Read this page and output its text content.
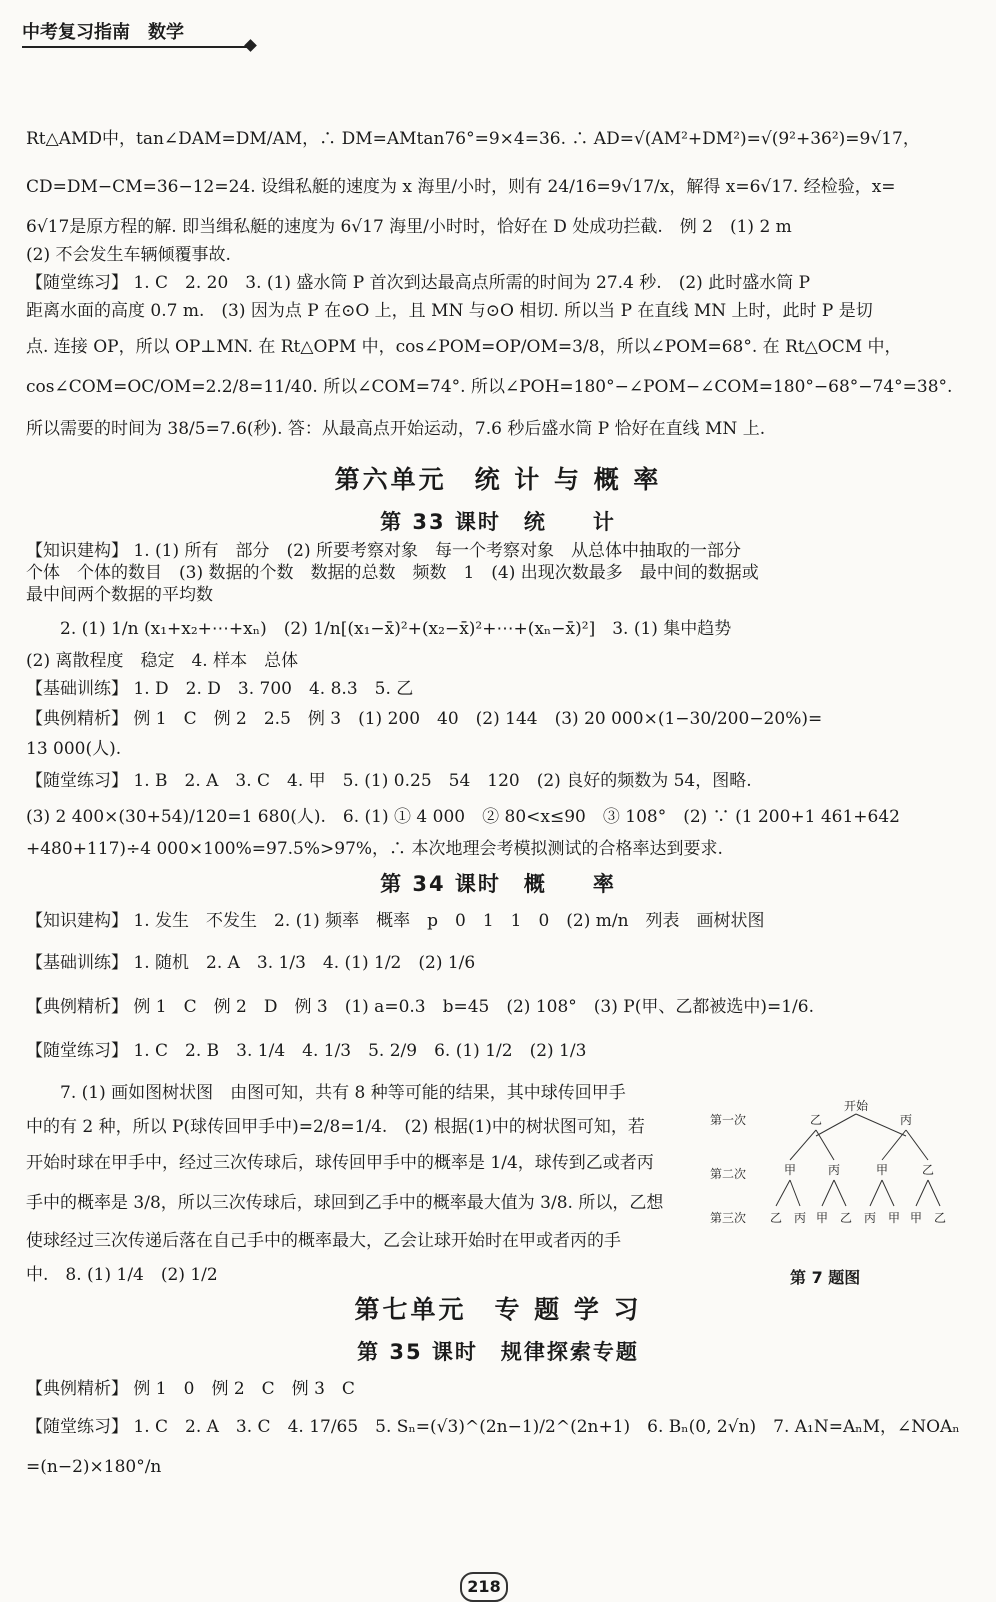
中考复习指南　数学
Rt△AMD中，tan∠DAM=DM/AM，∴ DM=AMtan76°=9×4=36. ∴ AD=√(AM²+DM²)=√(9²+36²)=9√17，
CD=DM−CM=36−12=24. 设缉私艇的速度为 x 海里/小时，则有 24/16=9√17/x，解得 x=6√17. 经检验，x=
6√17是原方程的解. 即当缉私艇的速度为 6√17 海里/小时时，恰好在 D 处成功拦截.　例 2　(1) 2 m
(2) 不会发生车辆倾覆事故.
【随堂练习】 1. C　2. 20　3. (1) 盛水筒 P 首次到达最高点所需的时间为 27.4 秒.　(2) 此时盛水筒 P
距离水面的高度 0.7 m.　(3) 因为点 P 在⊙O 上，且 MN 与⊙O 相切. 所以当 P 在直线 MN 上时，此时 P 是切
点. 连接 OP，所以 OP⊥MN. 在 Rt△OPM 中，cos∠POM=OP/OM=3/8，所以∠POM=68°. 在 Rt△OCM 中，
cos∠COM=OC/OM=2.2/8=11/40. 所以∠COM=74°. 所以∠POH=180°−∠POM−∠COM=180°−68°−74°=38°.
所以需要的时间为 38/5=7.6(秒). 答：从最高点开始运动，7.6 秒后盛水筒 P 恰好在直线 MN 上.
第六单元　统 计 与 概 率
第 33 课时　统　　计
【知识建构】 1. (1) 所有　部分　(2) 所要考察对象　每一个考察对象　从总体中抽取的一部分
个体　个体的数目　(3) 数据的个数　数据的总数　频数　1　(4) 出现次数最多　最中间的数据或
最中间两个数据的平均数
2. (1) 1/n (x₁+x₂+⋯+xₙ)　(2) 1/n[(x₁−x̄)²+(x₂−x̄)²+⋯+(xₙ−x̄)²]　3. (1) 集中趋势
(2) 离散程度　稳定　4. 样本　总体
【基础训练】 1. D　2. D　3. 700　4. 8.3　5. 乙
【典例精析】 例 1　C　例 2　2.5　例 3　(1) 200　40　(2) 144　(3) 20 000×(1−30/200−20%)=
13 000(人).
【随堂练习】 1. B　2. A　3. C　4. 甲　5. (1) 0.25　54　120　(2) 良好的频数为 54，图略.
(3) 2 400×(30+54)/120=1 680(人).　6. (1) ① 4 000　② 80<x≤90　③ 108°　(2) ∵ (1 200+1 461+642
+480+117)÷4 000×100%=97.5%>97%，∴ 本次地理会考模拟测试的合格率达到要求.
第 34 课时　概　　率
【知识建构】 1. 发生　不发生　2. (1) 频率　概率　p　0　1　1　0　(2) m/n　列表　画树状图
【基础训练】 1. 随机　2. A　3. 1/3　4. (1) 1/2　(2) 1/6
【典例精析】 例 1　C　例 2　D　例 3　(1) a=0.3　b=45　(2) 108°　(3) P(甲、乙都被选中)=1/6.
【随堂练习】 1. C　2. B　3. 1/4　4. 1/3　5. 2/9　6. (1) 1/2　(2) 1/3
7. (1) 画如图树状图　由图可知，共有 8 种等可能的结果，其中球传回甲手
中的有 2 种，所以 P(球传回甲手中)=2/8=1/4.　(2) 根据(1)中的树状图可知，若
开始时球在甲手中，经过三次传球后，球传回甲手中的概率是 1/4，球传到乙或者丙
手中的概率是 3/8，所以三次传球后，球回到乙手中的概率最大值为 3/8. 所以，乙想
使球经过三次传递后落在自己手中的概率最大，乙会让球开始时在甲或者丙的手
中.　8. (1) 1/4　(2) 1/2
开始
第一次
第二次
第三次
乙	丙
甲	丙	甲	乙
乙 丙 甲 乙 丙 甲 甲 乙
第 7 题图
第七单元　专 题 学 习
第 35 课时　规律探索专题
【典例精析】 例 1　0　例 2　C　例 3　C
【随堂练习】 1. C　2. A　3. C　4. 17/65　5. Sₙ=(√3)^(2n−1)/2^(2n+1)　6. Bₙ(0, 2√n)　7. A₁N=AₙM，∠NOAₙ
=(n−2)×180°/n
218
